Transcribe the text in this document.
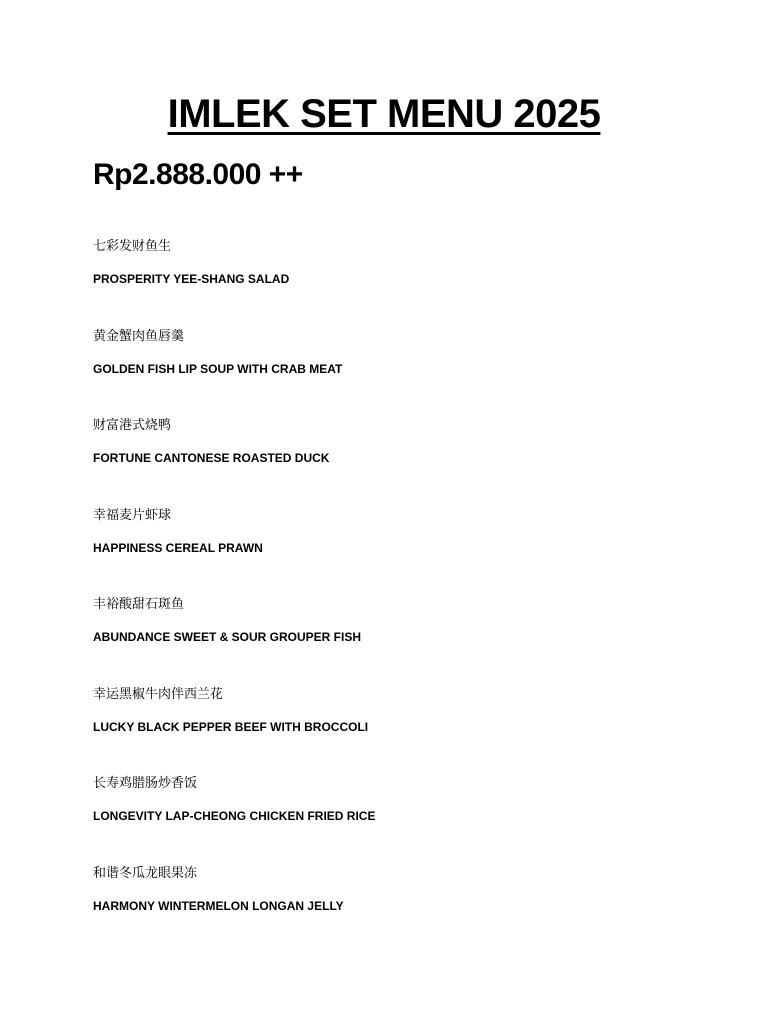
IMLEK SET MENU 2025
Rp2.888.000 ++
七彩发财鱼生
PROSPERITY YEE-SHANG SALAD
黄金蟹肉鱼唇羹
GOLDEN FISH LIP SOUP WITH CRAB MEAT
财富港式烧鸭
FORTUNE CANTONESE ROASTED DUCK
幸福麦片虾球
HAPPINESS CEREAL PRAWN
丰裕酸甜石斑鱼
ABUNDANCE SWEET & SOUR GROUPER FISH
幸运黑椒牛肉伴西兰花
LUCKY BLACK PEPPER BEEF WITH BROCCOLI
长寿鸡腊肠炒香饭
LONGEVITY LAP-CHEONG CHICKEN FRIED RICE
和谐冬瓜龙眼果冻
HARMONY WINTERMELON LONGAN JELLY
